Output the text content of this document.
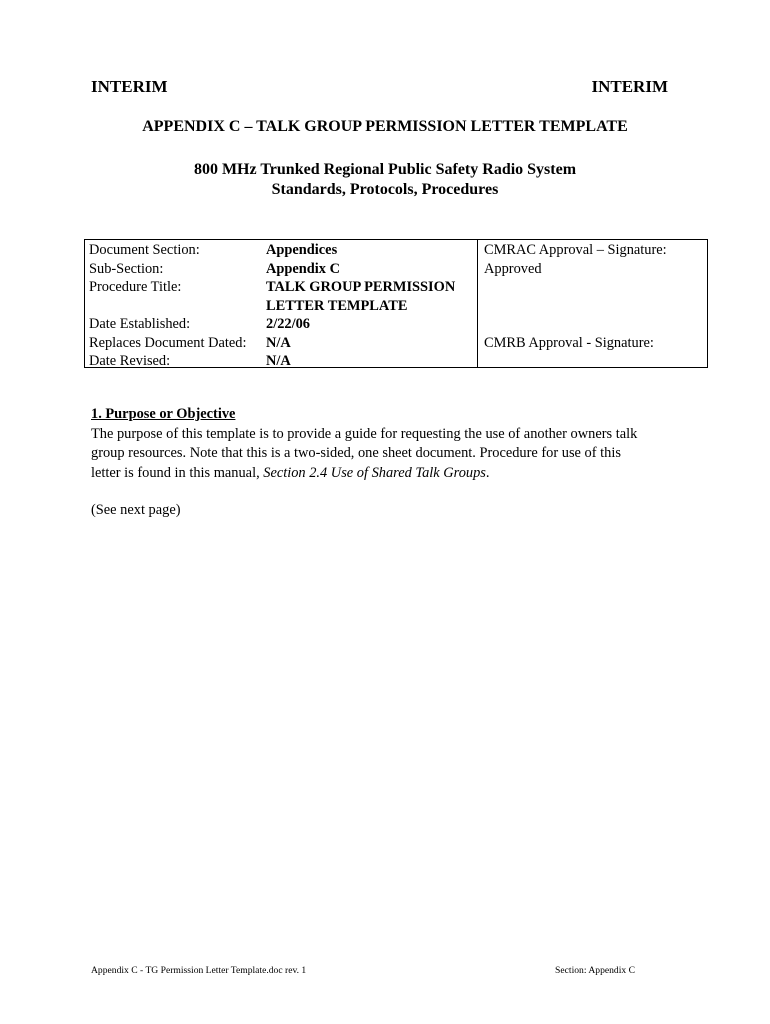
INTERIM	INTERIM
APPENDIX C – TALK GROUP PERMISSION LETTER TEMPLATE
800 MHz Trunked Regional Public Safety Radio System
Standards, Protocols, Procedures
Document Section:
Sub-Section:
Procedure Title:
Date Established:
Replaces Document Dated:
Date Revised:
Appendices
Appendix C
TALK GROUP PERMISSION
LETTER TEMPLATE
2/22/06
N/A
N/A
CMRAC Approval – Signature:
Approved
CMRB Approval - Signature:
1. Purpose or Objective

The purpose of this template is to provide a guide for requesting the use of another owners talk
group resources. Note that this is a two-sided, one sheet document. Procedure for use of this
letter is found in this manual, Section 2.4 Use of Shared Talk Groups.

(See next page)
Appendix C - TG Permission Letter Template.doc rev. 1	Section: Appendix C
